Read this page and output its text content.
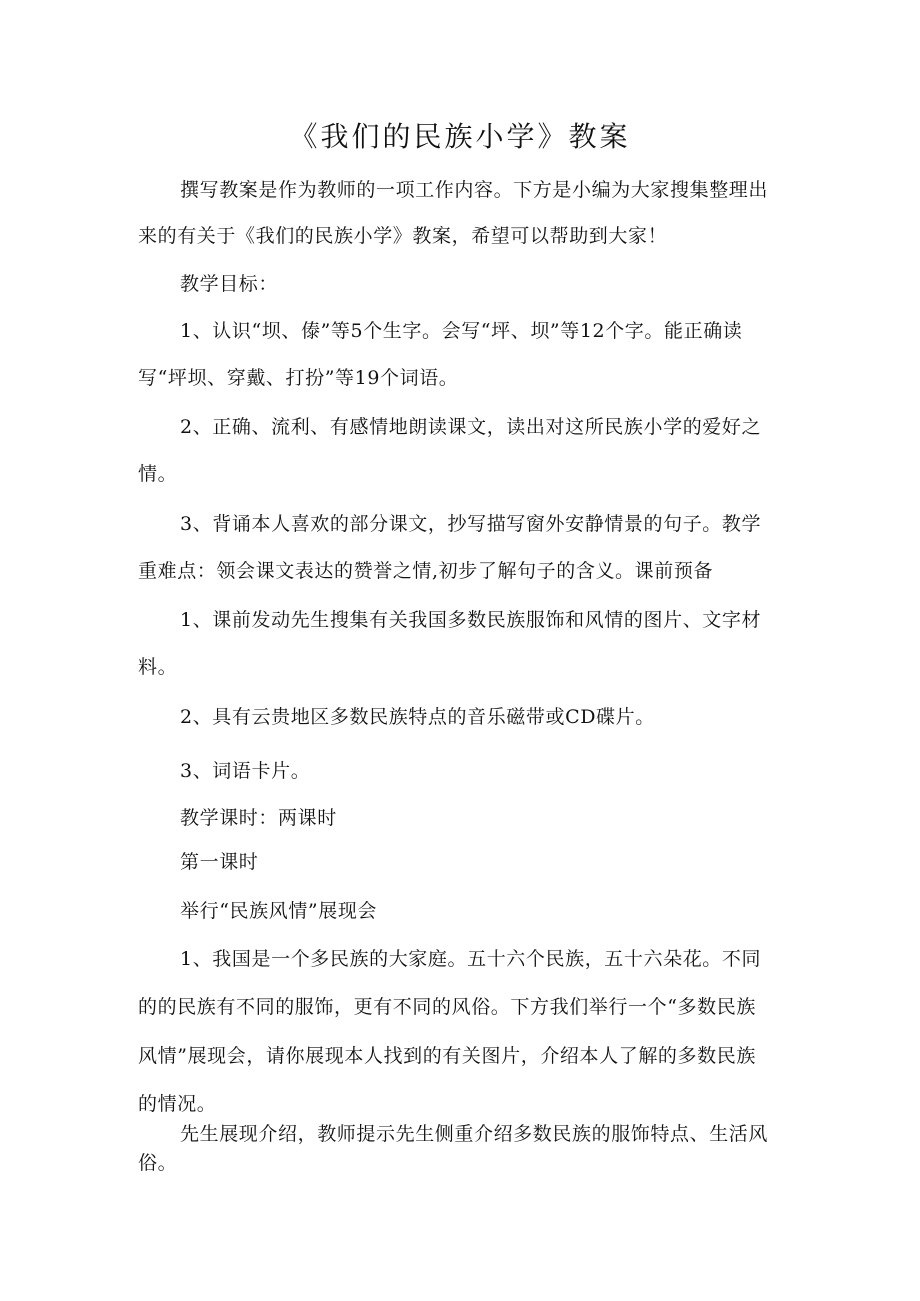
《我们的民族小学》教案

撰写教案是作为教师的一项工作内容。下方是小编为大家搜集整理出

来的有关于《我们的民族小学》教案，希望可以帮助到大家！

教学目标：

1、认识“坝、傣”等5个生字。会写“坪、坝”等12个字。能正确读

写“坪坝、穿戴、打扮”等19个词语。

2、正确、流利、有感情地朗读课文，读出对这所民族小学的爱好之

情。

3、背诵本人喜欢的部分课文，抄写描写窗外安静情景的句子。教学

重难点：领会课文表达的赞誉之情,初步了解句子的含义。课前预备

1、课前发动先生搜集有关我国多数民族服饰和风情的图片、文字材

料。

2、具有云贵地区多数民族特点的音乐磁带或CD碟片。

3、词语卡片。

教学课时：两课时

第一课时

举行“民族风情”展现会

1、我国是一个多民族的大家庭。五十六个民族，五十六朵花。不同

的的民族有不同的服饰，更有不同的风俗。下方我们举行一个“多数民族

风情”展现会，请你展现本人找到的有关图片，介绍本人了解的多数民族

的情况。

先生展现介绍，教师提示先生侧重介绍多数民族的服饰特点、生活风

俗。
